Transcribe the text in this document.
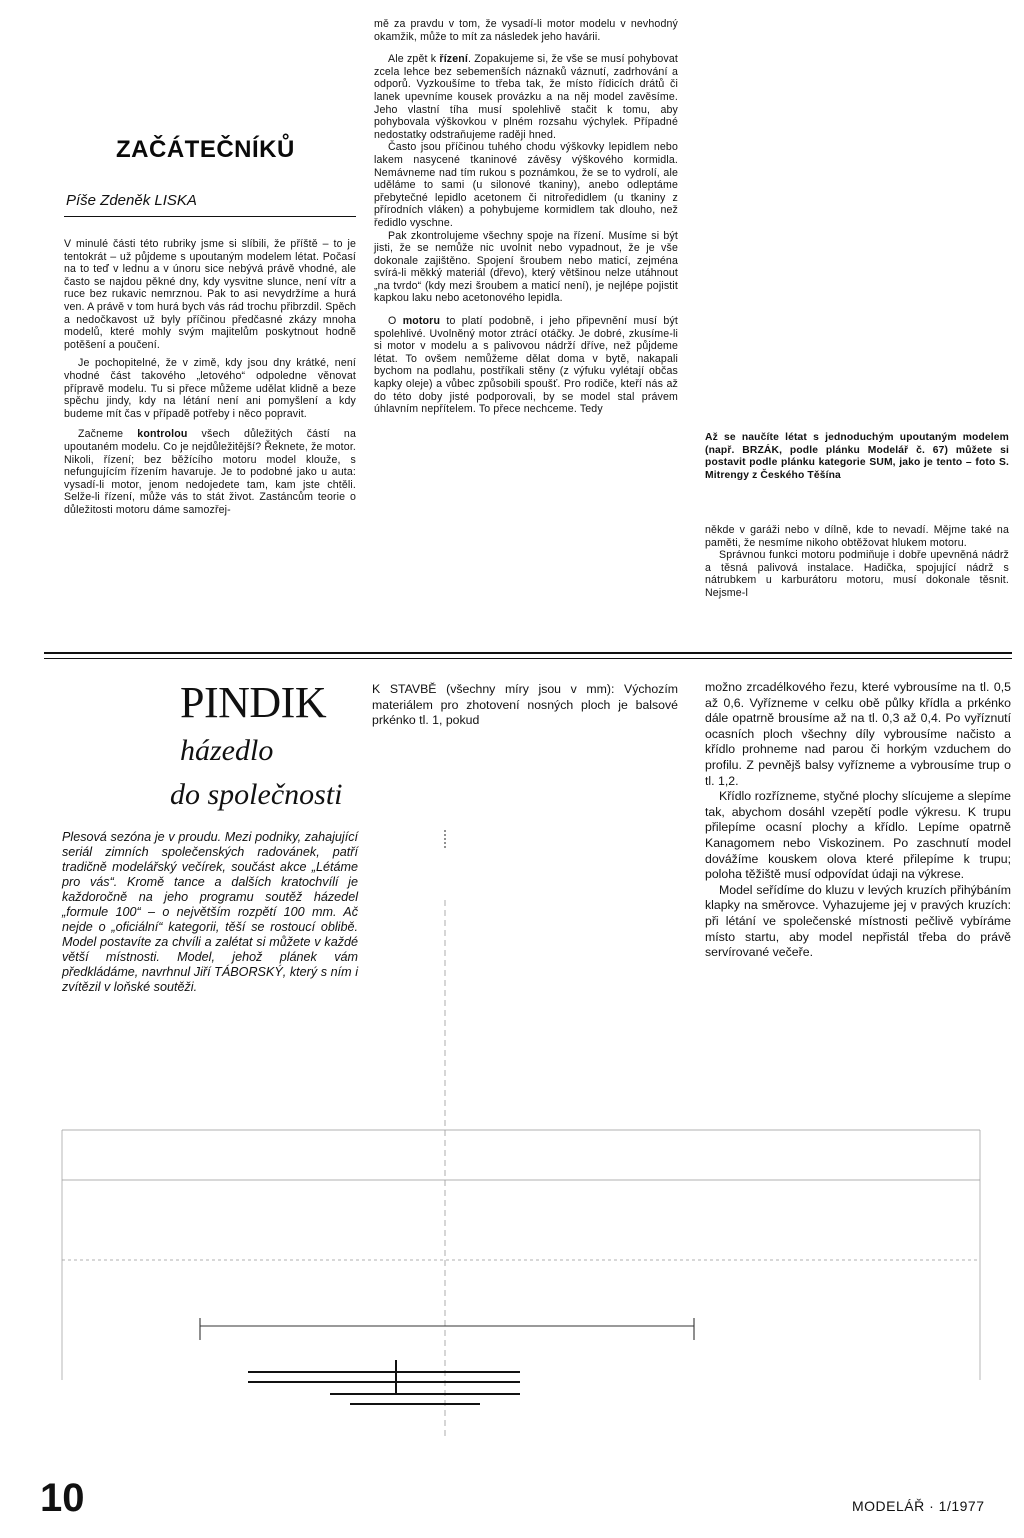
ZAČÁTEČNÍKŮ
Píše Zdeněk LISKA

V minulé části této rubriky jsme si slíbili, že příště – to je tentokrát – už půjdeme s upoutaným modelem létat. Počasí na to teď v lednu a v únoru sice nebývá právě vhodné, ale často se najdou pěkné dny, kdy vysvitne slunce, není vítr a ruce bez rukavic nemrznou. Pak to asi nevydržíme a hurá ven. A právě v tom hurá bych vás rád trochu přibrzdil. Spěch a nedočkavost už byly příčinou předčasné zkázy mnoha modelů, které mohly svým majitelům poskytnout hodně potěšení a poučení.

Je pochopitelné, že v zimě, kdy jsou dny krátké, není vhodné část takového „letového“ odpoledne věnovat přípravě modelu. Tu si přece můžeme udělat klidně a beze spěchu jindy, kdy na létání není ani pomyšlení a kdy budeme mít čas v případě potřeby i něco popravit.

Začneme kontrolou všech důležitých částí na upoutaném modelu. Co je nejdůležitější? Řeknete, že motor. Nikoli, řízení; bez běžícího motoru model klouže, s nefungujícím řízením havaruje. Je to podobné jako u auta: vysadí-li motor, jenom nedojedete tam, kam jste chtěli. Selže-li řízení, může vás to stát život. Zastáncům teorie o důležitosti motoru dáme samozřej-

mě za pravdu v tom, že vysadí-li motor modelu v nevhodný okamžik, může to mít za následek jeho havárii.

Ale zpět k řízení. Zopakujeme si, že vše se musí pohybovat zcela lehce bez sebemenších náznaků váznutí, zadrhování a odporů. Vyzkoušíme to třeba tak, že místo řídicích drátů či lanek upevníme kousek provázku a na něj model zavěsíme. Jeho vlastní tíha musí spolehlivě stačit k tomu, aby pohybovala výškovkou v plném rozsahu výchylek. Případné nedostatky odstraňujeme raději hned.

Často jsou příčinou tuhého chodu výškovky lepidlem nebo lakem nasycené tkaninové závěsy výškového kormidla. Nemávneme nad tím rukou s poznámkou, že se to vydrolí, ale uděláme to sami (u silonové tkaniny), anebo odleptáme přebytečné lepidlo acetonem či nitroředidlem (u tkaniny z přírodních vláken) a pohybujeme kormidlem tak dlouho, než ředidlo vyschne.

Pak zkontrolujeme všechny spoje na řízení. Musíme si být jisti, že se nemůže nic uvolnit nebo vypadnout, že je vše dokonale zajištěno. Spojení šroubem nebo maticí, zejména svírá-li měkký materiál (dřevo), který většinou nelze utáhnout „na tvrdo“ (kdy mezi šroubem a maticí není), je nejlépe pojistit kapkou laku nebo acetonového lepidla.

O motoru to platí podobně, i jeho připevnění musí být spolehlivé. Uvolněný motor ztrácí otáčky. Je dobré, zkusíme-li si motor v modelu a s palivovou nádrží dříve, než půjdeme létat. To ovšem nemůžeme dělat doma v bytě, nakapali bychom na podlahu, postříkali stěny (z výfuku vylétají občas kapky oleje) a vůbec způsobili spoušť. Pro rodiče, kteří nás až do této doby jisté podporovali, by se model stal právem úhlavním nepřítelem. To přece nechceme. Tedy

Až se naučíte létat s jednoduchým upoutaným modelem (např. BRZÁK, podle plánku Modelář č. 67) můžete si postavit podle plánku kategorie SUM, jako je tento – foto S. Mitrengy z Českého Těšína

někde v garáži nebo v dílně, kde to nevadí. Mějme také na paměti, že nesmíme nikoho obtěžovat hlukem motoru.

Správnou funkci motoru podmiňuje i dobře upevněná nádrž a těsná palivová instalace. Hadička, spojující nádrž s nátrubkem u karburátoru motoru, musí dokonale těsnit. Nejsme-l

PINDIK
házedlo
do společnosti
Plesová sezóna je v proudu. Mezi podniky, zahajující seriál zimních společenských radovánek, patří tradičně modelářský večírek, součást akce „Létáme pro vás“. Kromě tance a dalších kratochvílí je každoročně na jeho programu soutěž házedel „formule 100“ – o největším rozpětí 100 mm. Ač nejde o „oficiální“ kategorii, těší se rostoucí oblibě. Model postavíte za chvíli a zalétat si můžete v každé větší místnosti. Model, jehož plánek vám předkládáme, navrhnul Jiří TÁBORSKÝ, který s ním i zvítězil v loňské soutěži.
K STAVBĚ (všechny míry jsou v mm): Výchozím materiálem pro zhotovení nosných ploch je balsové prkénko tl. 1, pokud

možno zrcadélkového řezu, které vybrousíme na tl. 0,5 až 0,6. Vyřízneme v celku obě půlky křídla a prkénko dále opatrně brousíme až na tl. 0,3 až 0,4. Po vyříznutí ocasních ploch všechny díly vybrousíme načisto a křídlo prohneme nad parou či horkým vzduchem do profilu. Z pevnějš balsy vyřízneme a vybrousíme trup o tl. 1,2.

Křídlo rozřízneme, styčné plochy slícujeme a slepíme tak, abychom dosáhl vzepětí podle výkresu. K trupu přilepíme ocasní plochy a křídlo. Lepíme opatrně Kanagomem nebo Viskozinem. Po zaschnutí model dovážíme kouskem olova které přilepíme k trupu; poloha těžiště musí odpovídat údaji na výkrese.

Model seřídíme do kluzu v levých kruzích přihýbáním klapky na směrovce. Vyhazujeme jej v pravých kruzích: při létání ve společenské místnosti pečlivě vybíráme místo startu, aby model nepřistál třeba do právě servírované večeře.

10	MODELÁŘ · 1/1977
